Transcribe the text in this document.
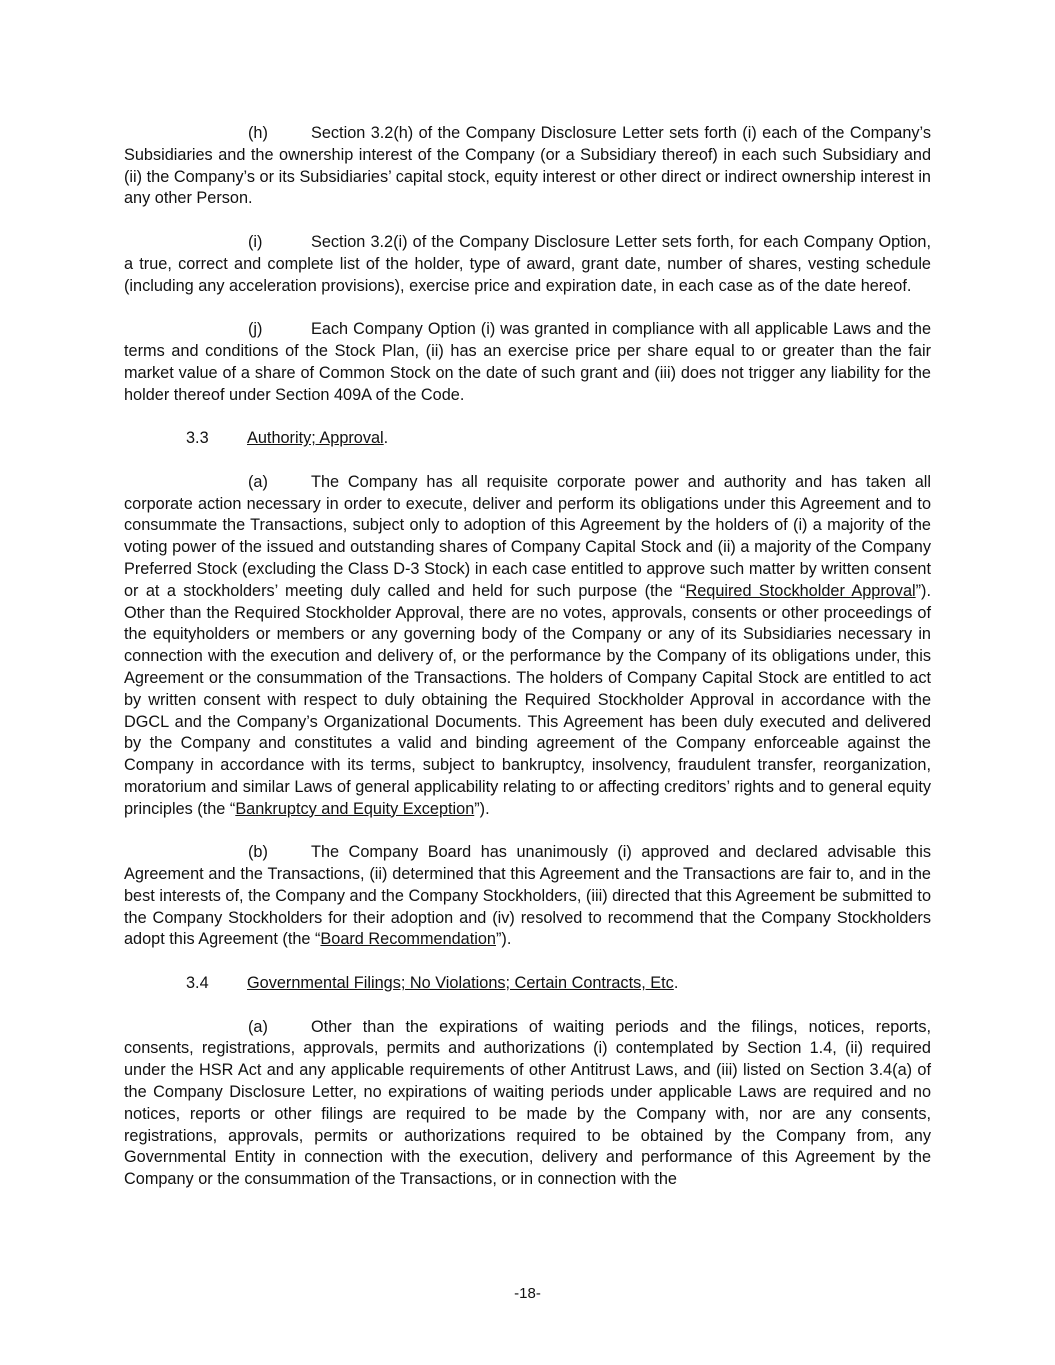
(h)	Section 3.2(h) of the Company Disclosure Letter sets forth (i) each of the Company’s Subsidiaries and the ownership interest of the Company (or a Subsidiary thereof) in each such Subsidiary and (ii) the Company’s or its Subsidiaries’ capital stock, equity interest or other direct or indirect ownership interest in any other Person.

(i)	Section 3.2(i) of the Company Disclosure Letter sets forth, for each Company Option, a true, correct and complete list of the holder, type of award, grant date, number of shares, vesting schedule (including any acceleration provisions), exercise price and expiration date, in each case as of the date hereof.

(j)	Each Company Option (i) was granted in compliance with all applicable Laws and the terms and conditions of the Stock Plan, (ii) has an exercise price per share equal to or greater than the fair market value of a share of Common Stock on the date of such grant and (iii) does not trigger any liability for the holder thereof under Section 409A of the Code.

3.3 Authority; Approval.

(a)	The Company has all requisite corporate power and authority and has taken all corporate action necessary in order to execute, deliver and perform its obligations under this Agreement and to consummate the Transactions, subject only to adoption of this Agreement by the holders of (i) a majority of the voting power of the issued and outstanding shares of Company Capital Stock and (ii) a majority of the Company Preferred Stock (excluding the Class D-3 Stock) in each case entitled to approve such matter by written consent or at a stockholders’ meeting duly called and held for such purpose (the “Required Stockholder Approval”). Other than the Required Stockholder Approval, there are no votes, approvals, consents or other proceedings of the equityholders or members or any governing body of the Company or any of its Subsidiaries necessary in connection with the execution and delivery of, or the performance by the Company of its obligations under, this Agreement or the consummation of the Transactions. The holders of Company Capital Stock are entitled to act by written consent with respect to duly obtaining the Required Stockholder Approval in accordance with the DGCL and the Company’s Organizational Documents. This Agreement has been duly executed and delivered by the Company and constitutes a valid and binding agreement of the Company enforceable against the Company in accordance with its terms, subject to bankruptcy, insolvency, fraudulent transfer, reorganization, moratorium and similar Laws of general applicability relating to or affecting creditors’ rights and to general equity principles (the “Bankruptcy and Equity Exception”).

(b)	The Company Board has unanimously (i) approved and declared advisable this Agreement and the Transactions, (ii) determined that this Agreement and the Transactions are fair to, and in the best interests of, the Company and the Company Stockholders, (iii) directed that this Agreement be submitted to the Company Stockholders for their adoption and (iv) resolved to recommend that the Company Stockholders adopt this Agreement (the “Board Recommendation”).

3.4 Governmental Filings; No Violations; Certain Contracts, Etc.

(a)	Other than the expirations of waiting periods and the filings, notices, reports, consents, registrations, approvals, permits and authorizations (i) contemplated by Section 1.4, (ii) required under the HSR Act and any applicable requirements of other Antitrust Laws, and (iii) listed on Section 3.4(a) of the Company Disclosure Letter, no expirations of waiting periods under applicable Laws are required and no notices, reports or other filings are required to be made by the Company with, nor are any consents, registrations, approvals, permits or authorizations required to be obtained by the Company from, any Governmental Entity in connection with the execution, delivery and performance of this Agreement by the Company or the consummation of the Transactions, or in connection with the

-18-
